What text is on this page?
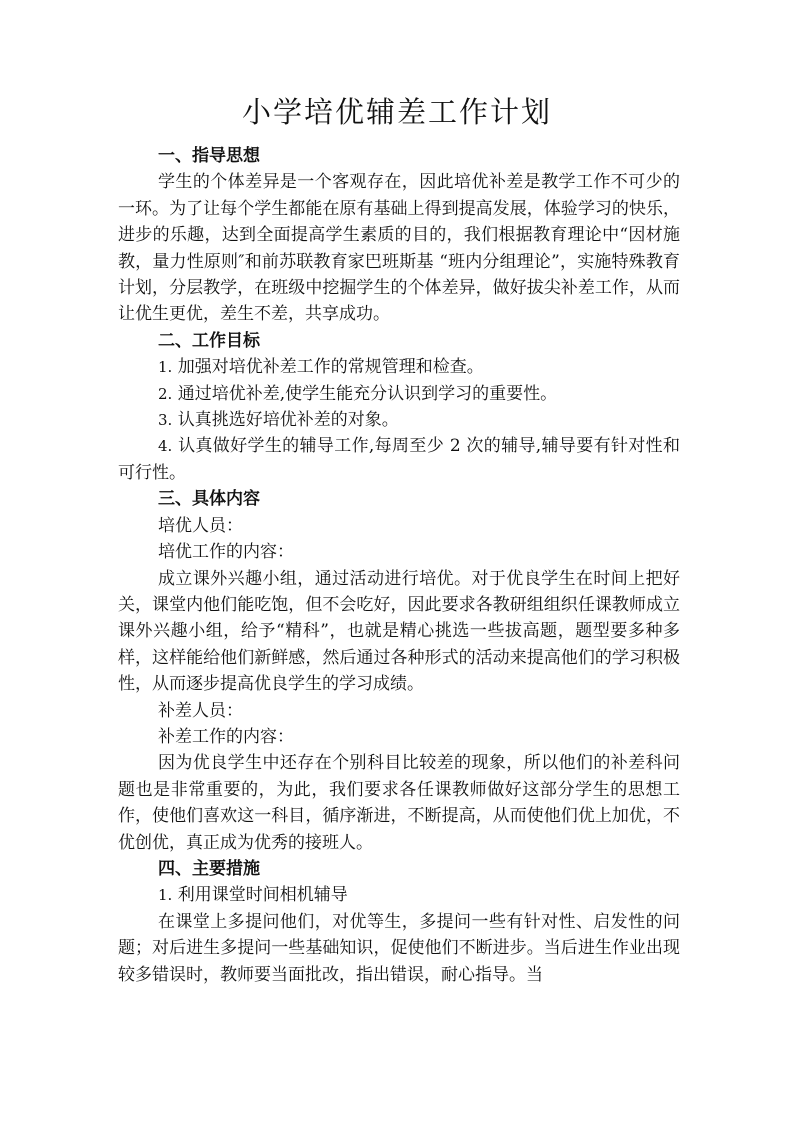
小学培优辅差工作计划

一、指导思想

学生的个体差异是一个客观存在，因此培优补差是教学工作不可少的一环。为了让每个学生都能在原有基础上得到提高发展，体验学习的快乐，进步的乐趣，达到全面提高学生素质的目的，我们根据教育理论中“因材施教，量力性原则″和前苏联教育家巴班斯基 “班内分组理论”，实施特殊教育计划，分层教学，在班级中挖掘学生的个体差异，做好拔尖补差工作，从而让优生更优，差生不差，共享成功。

二、工作目标

1. 加强对培优补差工作的常规管理和检查。

2. 通过培优补差,使学生能充分认识到学习的重要性。

3. 认真挑选好培优补差的对象。

4. 认真做好学生的辅导工作,每周至少 2 次的辅导,辅导要有针对性和可行性。

三、具体内容

培优人员：

培优工作的内容：

成立课外兴趣小组，通过活动进行培优。对于优良学生在时间上把好关，课堂内他们能吃饱，但不会吃好，因此要求各教研组组织任课教师成立课外兴趣小组，给予“精科”，也就是精心挑选一些拔高题，题型要多种多样，这样能给他们新鲜感，然后通过各种形式的活动来提高他们的学习积极性，从而逐步提高优良学生的学习成绩。

补差人员：

补差工作的内容：

因为优良学生中还存在个别科目比较差的现象，所以他们的补差科问题也是非常重要的，为此，我们要求各任课教师做好这部分学生的思想工作，使他们喜欢这一科目，循序渐进，不断提高，从而使他们优上加优，不优创优，真正成为优秀的接班人。

四、主要措施

1. 利用课堂时间相机辅导

在课堂上多提问他们，对优等生，多提问一些有针对性、启发性的问题；对后进生多提问一些基础知识，促使他们不断进步。当后进生作业出现较多错误时，教师要当面批改，指出错误，耐心指导。当
